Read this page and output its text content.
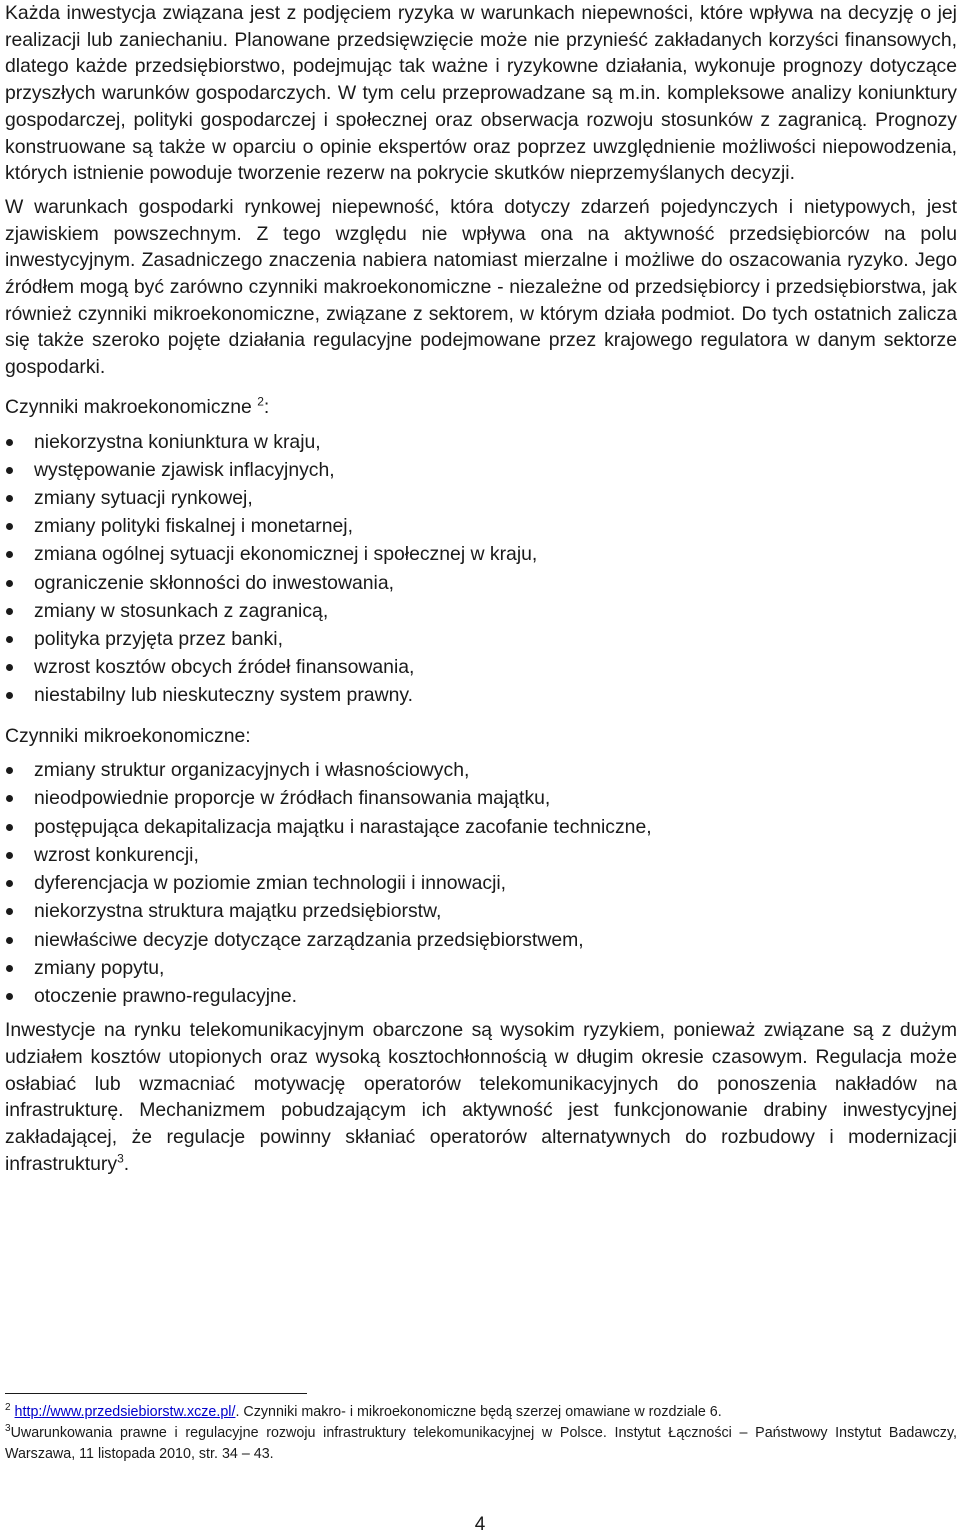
Każda inwestycja związana jest z podjęciem ryzyka w warunkach niepewności, które wpływa na decyzję o jej realizacji lub zaniechaniu. Planowane przedsięwzięcie może nie przynieść zakładanych korzyści finansowych, dlatego każde przedsiębiorstwo, podejmując tak ważne i ryzykowne działania, wykonuje prognozy dotyczące przyszłych warunków gospodarczych. W tym celu przeprowadzane są m.in. kompleksowe analizy koniunktury gospodarczej, polityki gospodarczej i społecznej oraz obserwacja rozwoju stosunków z zagranicą. Prognozy konstruowane są także w oparciu o opinie ekspertów oraz poprzez uwzględnienie możliwości niepowodzenia, których istnienie powoduje tworzenie rezerw na pokrycie skutków nieprzemyślanych decyzji.

W warunkach gospodarki rynkowej niepewność, która dotyczy zdarzeń pojedynczych i nietypowych, jest zjawiskiem powszechnym. Z tego względu nie wpływa ona na aktywność przedsiębiorców na polu inwestycyjnym. Zasadniczego znaczenia nabiera natomiast mierzalne i możliwe do oszacowania ryzyko. Jego źródłem mogą być zarówno czynniki makroekonomiczne - niezależne od przedsiębiorcy i przedsiębiorstwa, jak również czynniki mikroekonomiczne, związane z sektorem, w którym działa podmiot. Do tych ostatnich zalicza się także szeroko pojęte działania regulacyjne podejmowane przez krajowego regulatora w danym sektorze gospodarki.

Czynniki makroekonomiczne $^2$:

niekorzystna koniunktura w kraju,
występowanie zjawisk inflacyjnych,
zmiany sytuacji rynkowej,
zmiany polityki fiskalnej i monetarnej,
zmiana ogólnej sytuacji ekonomicznej i społecznej w kraju,
ograniczenie skłonności do inwestowania,
zmiany w stosunkach z zagranicą,
polityka przyjęta przez banki,
wzrost kosztów obcych źródeł finansowania,
niestabilny lub nieskuteczny system prawny.

Czynniki mikroekonomiczne:

zmiany struktur organizacyjnych i własnościowych,
nieodpowiednie proporcje w źródłach finansowania majątku,
postępująca dekapitalizacja majątku i narastające zacofanie techniczne,
wzrost konkurencji,
dyferencjacja w poziomie zmian technologii i innowacji,
niekorzystna struktura majątku przedsiębiorstw,
niewłaściwe decyzje dotyczące zarządzania przedsiębiorstwem,
zmiany popytu,
otoczenie prawno-regulacyjne.

Inwestycje na rynku telekomunikacyjnym obarczone są wysokim ryzykiem, ponieważ związane są z dużym udziałem kosztów utopionych oraz wysoką kosztochłonnością w długim okresie czasowym. Regulacja może osłabiać lub wzmacniać motywację operatorów telekomunikacyjnych do ponoszenia nakładów na infrastrukturę. Mechanizmem pobudzającym ich aktywność jest funkcjonowanie drabiny inwestycyjnej zakładającej, że regulacje powinny skłaniać operatorów alternatywnych do rozbudowy i modernizacji infrastruktury$^3$.

$^2$ http://www.przedsiebiorstw.xcze.pl/. Czynniki makro- i mikroekonomiczne będą szerzej omawiane w rozdziale 6.
$^3$Uwarunkowania prawne i regulacyjne rozwoju infrastruktury telekomunikacyjnej w Polsce. Instytut Łączności – Państwowy Instytut Badawczy, Warszawa, 11 listopada 2010, str. 34 – 43.
4
